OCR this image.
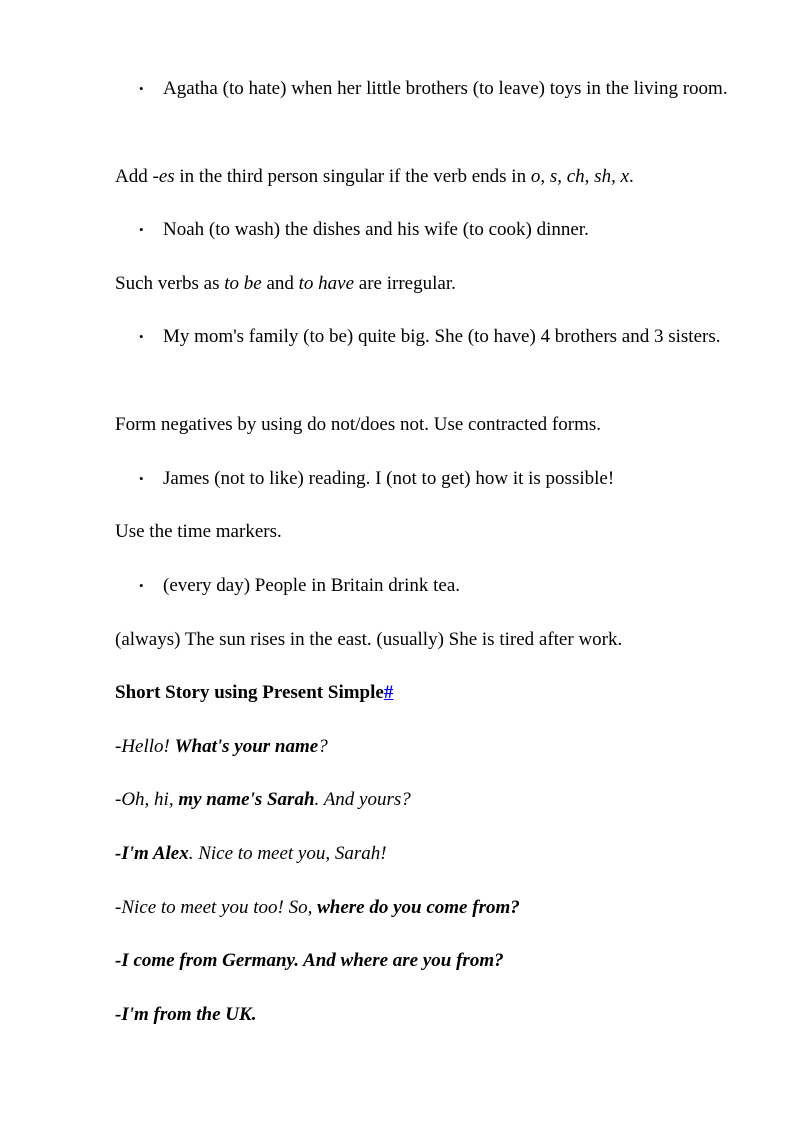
• Agatha (to hate) when her little brothers (to leave) toys in the living room.

Add -es in the third person singular if the verb ends in o, s, ch, sh, x.

• Noah (to wash) the dishes and his wife (to cook) dinner.

Such verbs as to be and to have are irregular.

• My mom's family (to be) quite big. She (to have) 4 brothers and 3 sisters.

Form negatives by using do not/does not. Use contracted forms.

• James (not to like) reading. I (not to get) how it is possible!

Use the time markers.

• (every day) People in Britain drink tea.

(always) The sun rises in the east. (usually) She is tired after work.

Short Story using Present Simple#

-Hello! What's your name?

-Oh, hi, my name's Sarah. And yours?

-I'm Alex. Nice to meet you, Sarah!

-Nice to meet you too! So, where do you come from?

-I come from Germany. And where are you from?

-I'm from the UK.
